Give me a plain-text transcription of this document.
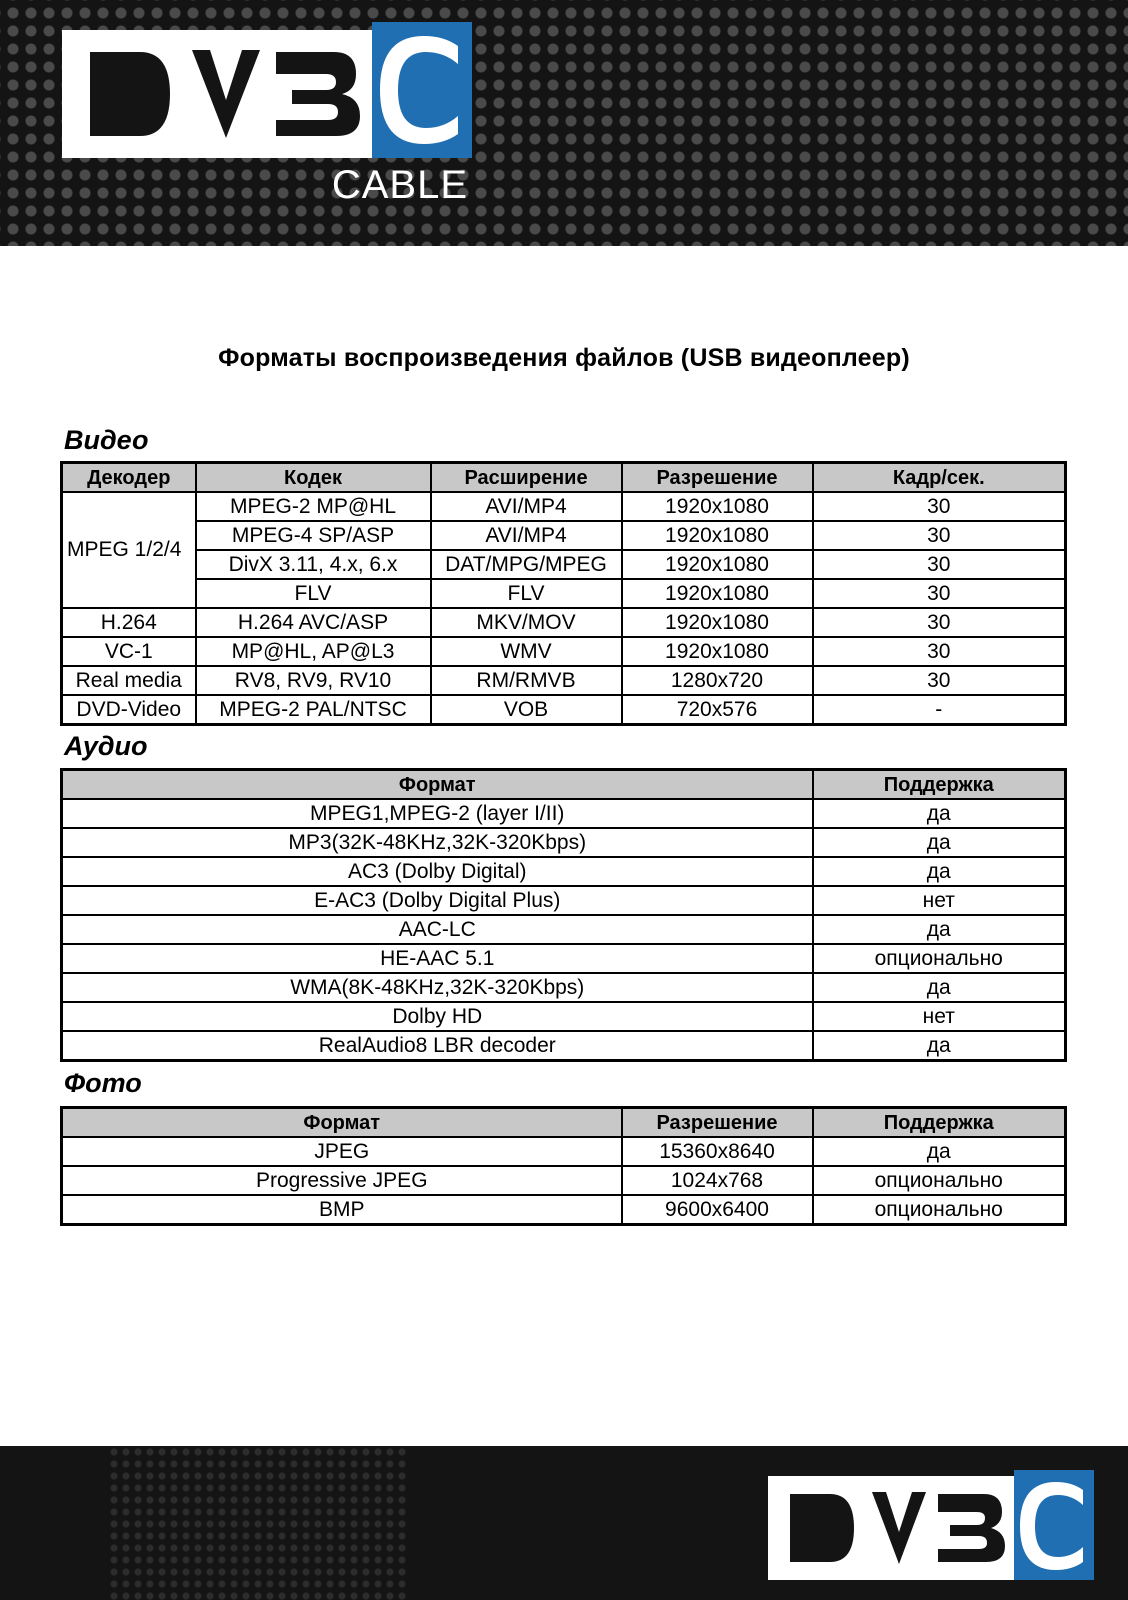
CABLE
Форматы воспроизведения файлов (USB видеоплеер)
Видео
Декодер	Кодек	Расширение	Разрешение	Кадр/сек.
MPEG 1/2/4	MPEG-2 MP@HL	AVI/MP4	1920x1080	30
	MPEG-4 SP/ASP	AVI/MP4	1920x1080	30
	DivX 3.11, 4.x, 6.x	DAT/MPG/MPEG	1920x1080	30
	FLV	FLV	1920x1080	30
H.264	H.264 AVC/ASP	MKV/MOV	1920x1080	30
VC-1	MP@HL, AP@L3	WMV	1920x1080	30
Real media	RV8, RV9, RV10	RM/RMVB	1280x720	30
DVD-Video	MPEG-2 PAL/NTSC	VOB	720x576	-
Аудио
Формат	Поддержка
MPEG1,MPEG-2 (layer I/II)	да
MP3(32K-48KHz,32K-320Kbps)	да
AC3 (Dolby Digital)	да
E-AC3 (Dolby Digital Plus)	нет
AAC-LC	да
HE-AAC 5.1	опционально
WMA(8K-48KHz,32K-320Kbps)	да
Dolby HD	нет
RealAudio8 LBR decoder	да
Фото
Формат	Разрешение	Поддержка
JPEG	15360x8640	да
Progressive JPEG	1024x768	опционально
BMP	9600x6400	опционально
